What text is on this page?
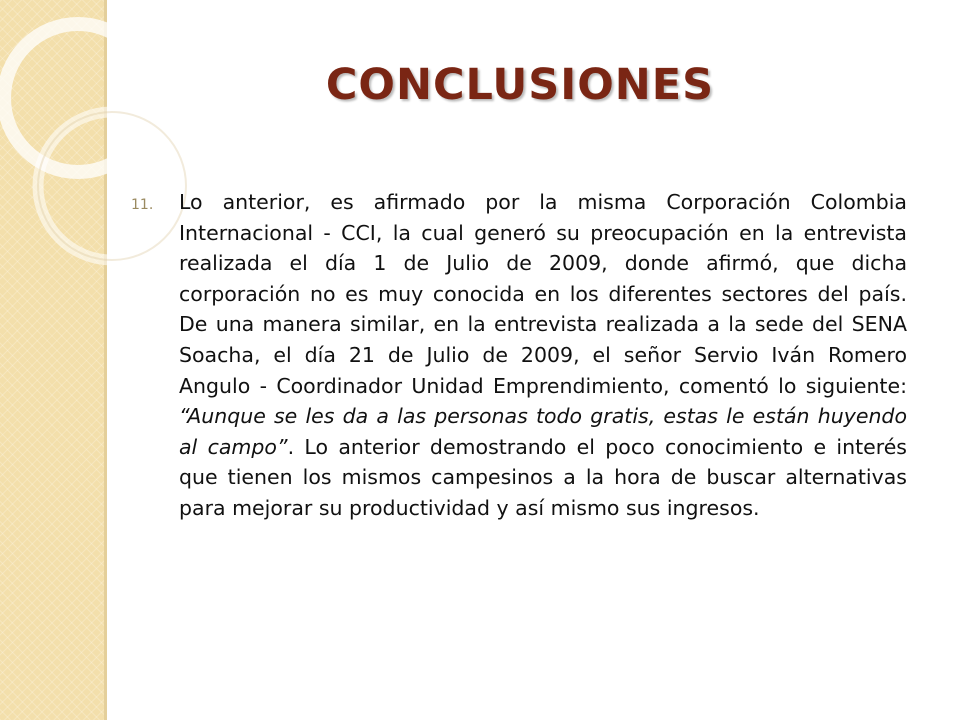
CONCLUSIONES
11. Lo anterior, es afirmado por la misma Corporación Colombia Internacional - CCI, la cual generó su preocupación en la entrevista realizada el día 1 de Julio de 2009, donde afirmó, que dicha corporación no es muy conocida en los diferentes sectores del país. De una manera similar, en la entrevista realizada a la sede del SENA Soacha, el día 21 de Julio de 2009, el señor Servio Iván Romero Angulo - Coordinador Unidad Emprendimiento, comentó lo siguiente: “Aunque se les da a las personas todo gratis, estas le están huyendo al campo”. Lo anterior demostrando el poco conocimiento e interés que tienen los mismos campesinos a la hora de buscar alternativas para mejorar su productividad y así mismo sus ingresos.
